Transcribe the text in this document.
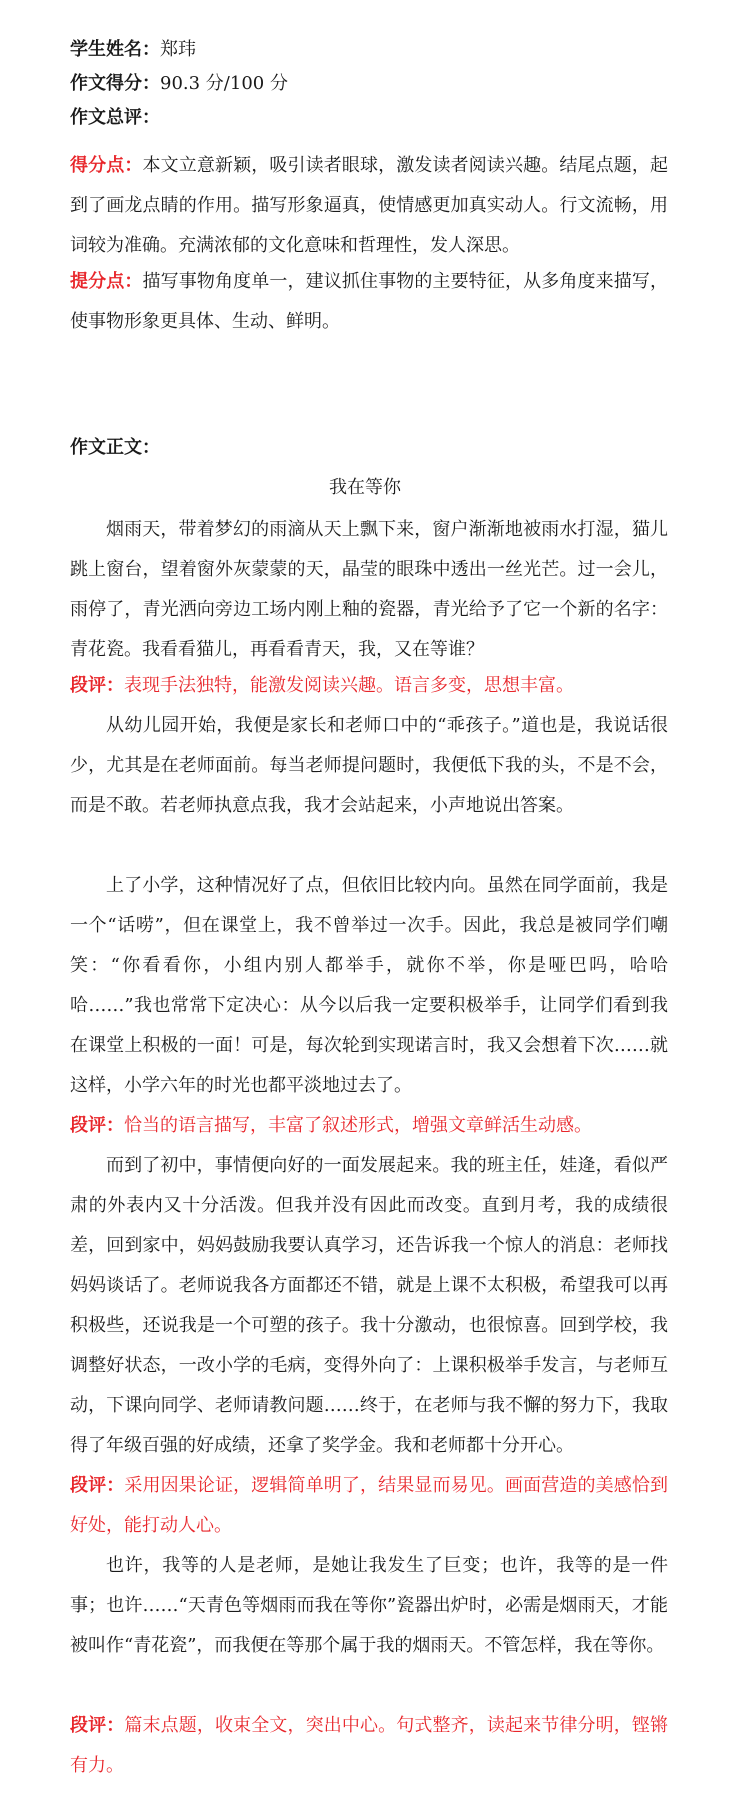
学生姓名：郑玮
作文得分：90.3 分/100 分
作文总评：
得分点：本文立意新颖，吸引读者眼球，激发读者阅读兴趣。结尾点题，起到了画龙点睛的作用。描写形象逼真，使情感更加真实动人。行文流畅，用词较为准确。充满浓郁的文化意味和哲理性，发人深思。
提分点：描写事物角度单一，建议抓住事物的主要特征，从多角度来描写，使事物形象更具体、生动、鲜明。
作文正文：
我在等你
烟雨天，带着梦幻的雨滴从天上飘下来，窗户渐渐地被雨水打湿，猫儿跳上窗台，望着窗外灰蒙蒙的天，晶莹的眼珠中透出一丝光芒。过一会儿，雨停了，青光洒向旁边工场内刚上釉的瓷器，青光给予了它一个新的名字：青花瓷。我看看猫儿，再看看青天，我，又在等谁？
段评：表现手法独特，能激发阅读兴趣。语言多变，思想丰富。
从幼儿园开始，我便是家长和老师口中的“乖孩子。”道也是，我说话很少，尤其是在老师面前。每当老师提问题时，我便低下我的头，不是不会，而是不敢。若老师执意点我，我才会站起来，小声地说出答案。
上了小学，这种情况好了点，但依旧比较内向。虽然在同学面前，我是一个“话唠”，但在课堂上，我不曾举过一次手。因此，我总是被同学们嘲笑：“你看看你，小组内别人都举手，就你不举，你是哑巴吗，哈哈哈……”我也常常下定决心：从今以后我一定要积极举手，让同学们看到我在课堂上积极的一面！可是，每次轮到实现诺言时，我又会想着下次……就这样，小学六年的时光也都平淡地过去了。
段评：恰当的语言描写，丰富了叙述形式，增强文章鲜活生动感。
而到了初中，事情便向好的一面发展起来。我的班主任，娃逄，看似严肃的外表内又十分活泼。但我并没有因此而改变。直到月考，我的成绩很差，回到家中，妈妈鼓励我要认真学习，还告诉我一个惊人的消息：老师找妈妈谈话了。老师说我各方面都还不错，就是上课不太积极，希望我可以再积极些，还说我是一个可塑的孩子。我十分激动，也很惊喜。回到学校，我调整好状态，一改小学的毛病，变得外向了：上课积极举手发言，与老师互动，下课向同学、老师请教问题……终于，在老师与我不懈的努力下，我取得了年级百强的好成绩，还拿了奖学金。我和老师都十分开心。
段评：采用因果论证，逻辑简单明了，结果显而易见。画面营造的美感恰到好处，能打动人心。
也许，我等的人是老师，是她让我发生了巨变；也许，我等的是一件事；也许……“天青色等烟雨而我在等你”瓷器出炉时，必需是烟雨天，才能被叫作“青花瓷”，而我便在等那个属于我的烟雨天。不管怎样，我在等你。
段评：篇末点题，收束全文，突出中心。句式整齐，读起来节律分明，铿锵有力。
